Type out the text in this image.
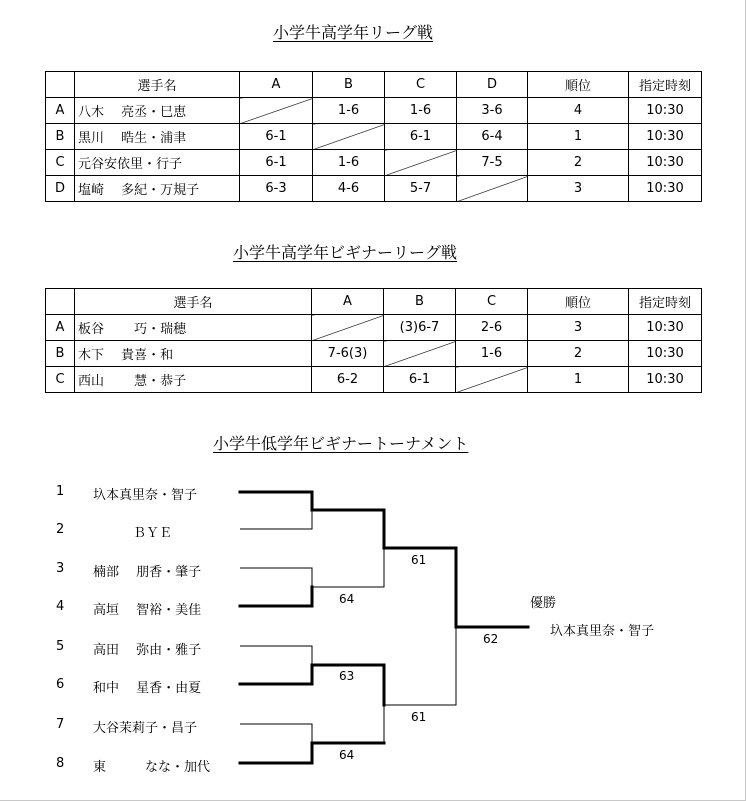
小学牛高学年リーグ戦
	選手名	A	B	C	D	順位	指定時刻
A	八木　 亮丞・巳恵		1-6	1-6	3-6	4	10:30
B	黒川　 晧生・浦聿	6-1		6-1	6-4	1	10:30
C	元谷安依里・行子	6-1	1-6		7-5	2	10:30
D	塩崎　 多紀・万規子	6-3	4-6	5-7		3	10:30
小学牛高学年ビギナーリーグ戦
	選手名	A	B	C	順位	指定時刻
A	板谷　　 巧・瑞穂		(3)6-7	2-6	3	10:30
B	木下　 貴喜・和	7-6(3)		1-6	2	10:30
C	西山　　 慧・恭子	6-2	6-1		1	10:30
小学牛低学年ビギナートーナメント
1 圦本真里奈・智子
2	ＢＹＥ
3 楠部　 朋香・肇子
4 高垣　 智裕・美佳
5 高田　 弥由・雅子
6 和中　 星香・由夏
7 大谷茉莉子・昌子
8 東　　　なな・加代
64
63
64
61
61
62
優勝
圦本真里奈・智子
